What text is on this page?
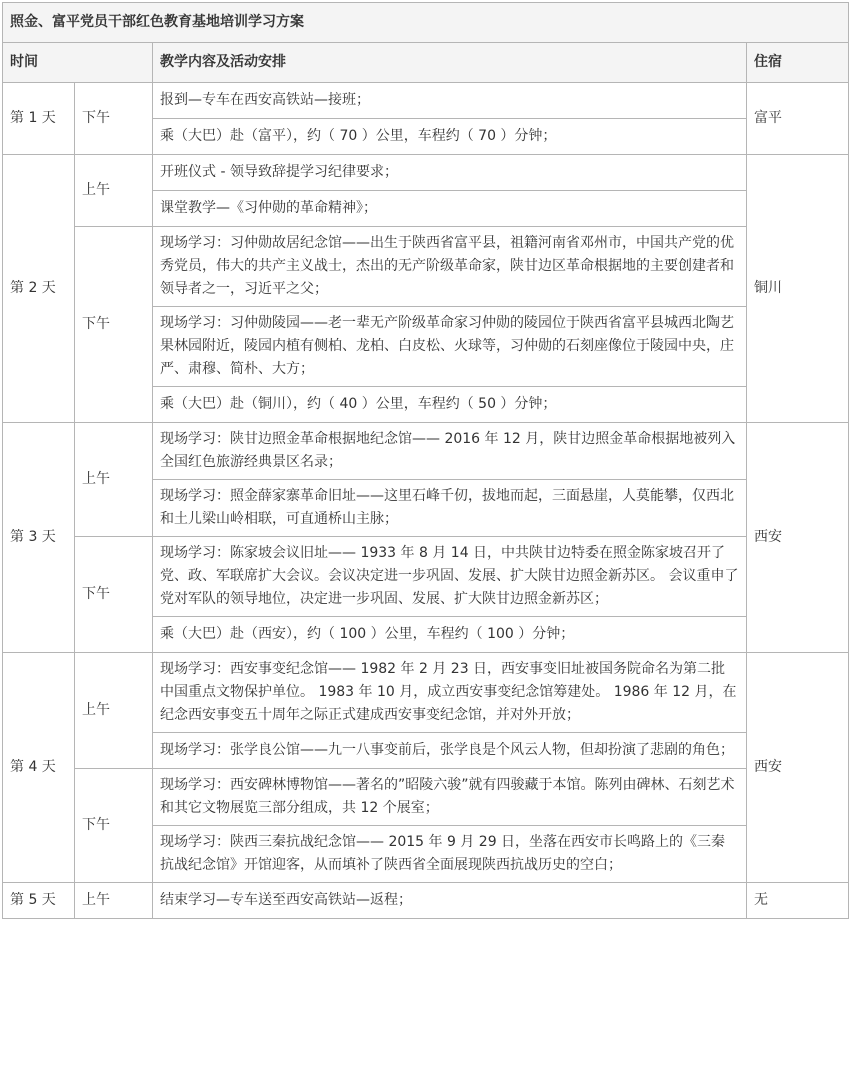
照金、富平党员干部红色教育基地培训学习方案			
时间		教学内容及活动安排	住宿
第 1 天	下午	报到—专车在西安高铁站—接班；	富平
		乘（大巴）赴（富平），约（ 70 ）公里，车程约（ 70 ）分钟；	
第 2 天	上午	开班仪式 - 领导致辞提学习纪律要求；	铜川
		课堂教学—《习仲勋的革命精神》；	
	下午	现场学习：习仲勋故居纪念馆——出生于陕西省富平县，祖籍河南省邓州市，中国共产党的优秀党员，伟大的共产主义战士，杰出的无产阶级革命家，陕甘边区革命根据地的主要创建者和领导者之一，习近平之父；	
		现场学习：习仲勋陵园——老一辈无产阶级革命家习仲勋的陵园位于陕西省富平县城西北陶艺果林园附近，陵园内植有侧柏、龙柏、白皮松、火球等，习仲勋的石刻座像位于陵园中央，庄严、肃穆、简朴、大方；	
		乘（大巴）赴（铜川），约（ 40 ）公里，车程约（ 50 ）分钟；	
第 3 天	上午	现场学习：陕甘边照金革命根据地纪念馆—— 2016 年 12 月，陕甘边照金革命根据地被列入全国红色旅游经典景区名录；	西安
		现场学习：照金薛家寨革命旧址——这里石峰千仞，拔地而起，三面悬崖，人莫能攀，仅西北和土儿梁山岭相联，可直通桥山主脉；	
	下午	现场学习：陈家坡会议旧址—— 1933 年 8 月 14 日，中共陕甘边特委在照金陈家坡召开了党、政、军联席扩大会议。会议决定进一步巩固、发展、扩大陕甘边照金新苏区。 会议重申了党对军队的领导地位，决定进一步巩固、发展、扩大陕甘边照金新苏区；	
		乘（大巴）赴（西安），约（ 100 ）公里，车程约（ 100 ）分钟；	
第 4 天	上午	现场学习：西安事变纪念馆—— 1982 年 2 月 23 日，西安事变旧址被国务院命名为第二批中国重点文物保护单位。 1983 年 10 月，成立西安事变纪念馆筹建处。 1986 年 12 月，在纪念西安事变五十周年之际正式建成西安事变纪念馆，并对外开放；	西安
		现场学习：张学良公馆——九一八事变前后，张学良是个风云人物，但却扮演了悲剧的角色；	
	下午	现场学习：西安碑林博物馆——著名的”昭陵六骏”就有四骏藏于本馆。陈列由碑林、石刻艺术和其它文物展览三部分组成，共 12 个展室；	
		现场学习：陕西三秦抗战纪念馆—— 2015 年 9 月 29 日，坐落在西安市长鸣路上的《三秦抗战纪念馆》开馆迎客，从而填补了陕西省全面展现陕西抗战历史的空白；	
第 5 天	上午	结束学习—专车送至西安高铁站—返程；	无
